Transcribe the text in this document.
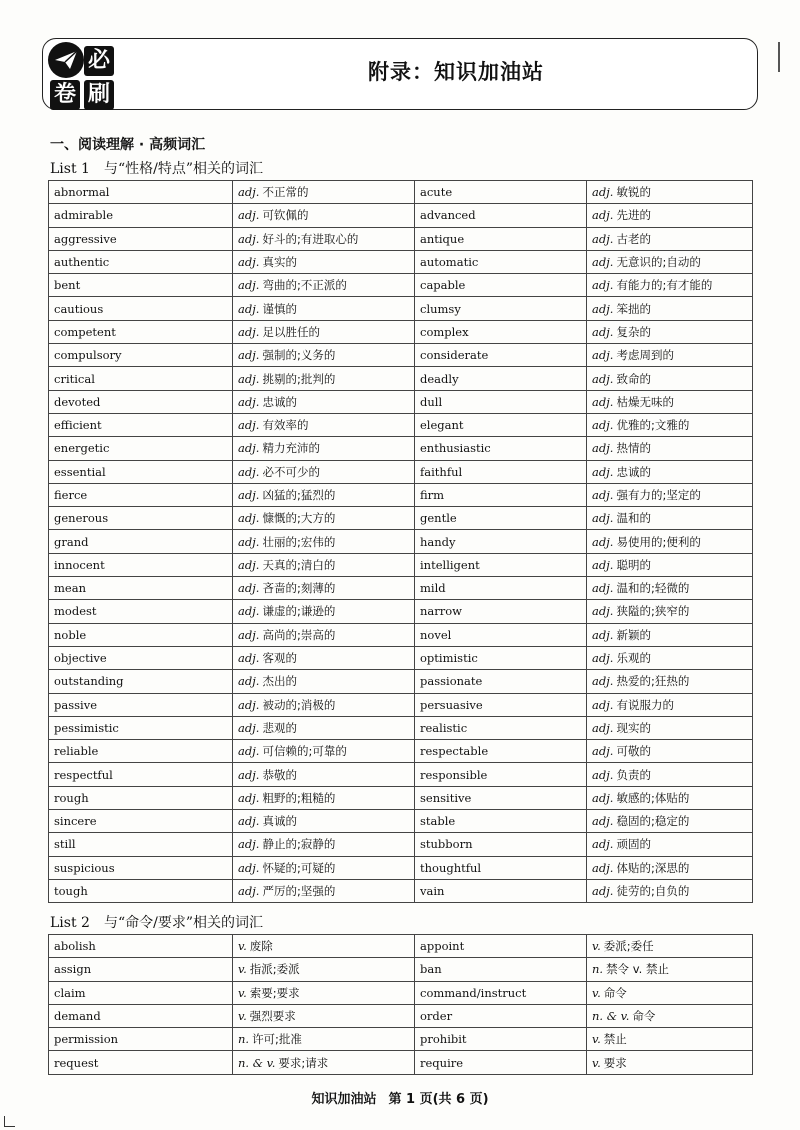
必
卷 刷
附录：知识加油站
一、阅读理解 · 高频词汇
List 1 与“性格/特点”相关的词汇
abnormal	adj. 不正常的	acute	adj. 敏锐的
admirable	adj. 可钦佩的	advanced	adj. 先进的
aggressive	adj. 好斗的;有进取心的	antique	adj. 古老的
authentic	adj. 真实的	automatic	adj. 无意识的;自动的
bent	adj. 弯曲的;不正派的	capable	adj. 有能力的;有才能的
cautious	adj. 谨慎的	clumsy	adj. 笨拙的
competent	adj. 足以胜任的	complex	adj. 复杂的
compulsory	adj. 强制的;义务的	considerate	adj. 考虑周到的
critical	adj. 挑剔的;批判的	deadly	adj. 致命的
devoted	adj. 忠诚的	dull	adj. 枯燥无味的
efficient	adj. 有效率的	elegant	adj. 优雅的;文雅的
energetic	adj. 精力充沛的	enthusiastic	adj. 热情的
essential	adj. 必不可少的	faithful	adj. 忠诚的
fierce	adj. 凶猛的;猛烈的	firm	adj. 强有力的;坚定的
generous	adj. 慷慨的;大方的	gentle	adj. 温和的
grand	adj. 壮丽的;宏伟的	handy	adj. 易使用的;便利的
innocent	adj. 天真的;清白的	intelligent	adj. 聪明的
mean	adj. 吝啬的;刻薄的	mild	adj. 温和的;轻微的
modest	adj. 谦虚的;谦逊的	narrow	adj. 狭隘的;狭窄的
noble	adj. 高尚的;崇高的	novel	adj. 新颖的
objective	adj. 客观的	optimistic	adj. 乐观的
outstanding	adj. 杰出的	passionate	adj. 热爱的;狂热的
passive	adj. 被动的;消极的	persuasive	adj. 有说服力的
pessimistic	adj. 悲观的	realistic	adj. 现实的
reliable	adj. 可信赖的;可靠的	respectable	adj. 可敬的
respectful	adj. 恭敬的	responsible	adj. 负责的
rough	adj. 粗野的;粗糙的	sensitive	adj. 敏感的;体贴的
sincere	adj. 真诚的	stable	adj. 稳固的;稳定的
still	adj. 静止的;寂静的	stubborn	adj. 顽固的
suspicious	adj. 怀疑的;可疑的	thoughtful	adj. 体贴的;深思的
tough	adj. 严厉的;坚强的	vain	adj. 徒劳的;自负的
List 2 与“命令/要求”相关的词汇
abolish	v. 废除	appoint	v. 委派;委任
assign	v. 指派;委派	ban	n. 禁令 v. 禁止
claim	v. 索要;要求	command/instruct	v. 命令
demand	v. 强烈要求	order	n. & v. 命令
permission	n. 许可;批准	prohibit	v. 禁止
request	n. & v. 要求;请求	require	v. 要求
知识加油站 第 1 页(共 6 页)
